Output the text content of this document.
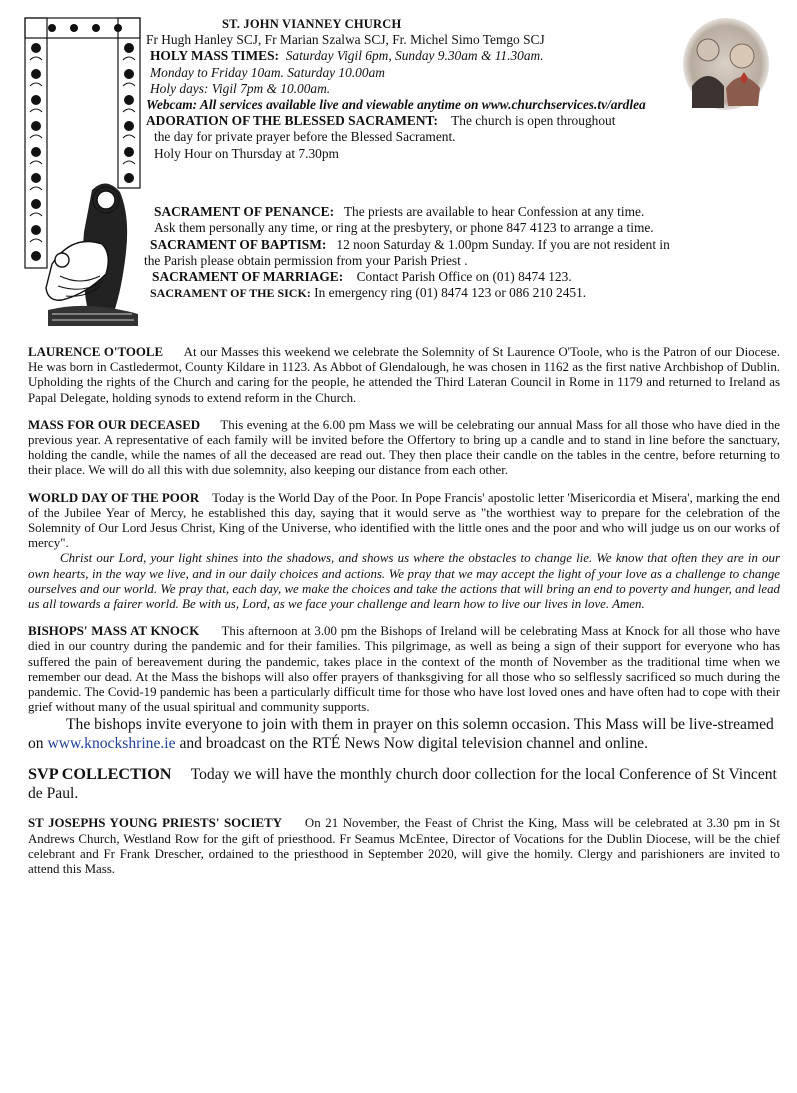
ST. JOHN VIANNEY CHURCH

Fr Hugh Hanley SCJ, Fr Marian Szalwa SCJ, Fr. Michel Simo Temgo SCJ

HOLY MASS TIMES: Saturday Vigil 6pm, Sunday 9.30am & 11.30am.

Monday to Friday 10am. Saturday 10.00am

Holy days: Vigil 7pm & 10.00am.

Webcam: All services available live and viewable anytime on www.churchservices.tv/ardlea

ADORATION OF THE BLESSED SACRAMENT: The church is open throughout

the day for private prayer before the Blessed Sacrament.

Holy Hour on Thursday at 7.30pm

SACRAMENT OF PENANCE: The priests are available to hear Confession at any time.

Ask them personally any time, or ring at the presbytery, or phone 847 4123 to arrange a time.

SACRAMENT OF BAPTISM: 12 noon Saturday & 1.00pm Sunday. If you are not resident in

the Parish please obtain permission from your Parish Priest .

SACRAMENT OF MARRIAGE: Contact Parish Office on (01) 8474 123.

SACRAMENT OF THE SICK: In emergency ring (01) 8474 123 or 086 210 2451.

LAURENCE O'TOOLE At our Masses this weekend we celebrate the Solemnity of St Laurence O'Toole, who is the Patron of our Diocese. He was born in Castledermot, County Kildare in 1123. As Abbot of Glendalough, he was chosen in 1162 as the first native Archbishop of Dublin. Upholding the rights of the Church and caring for the people, he attended the Third Lateran Council in Rome in 1179 and returned to Ireland as Papal Delegate, holding synods to extend reform in the Church.

MASS FOR OUR DECEASED This evening at the 6.00 pm Mass we will be celebrating our annual Mass for all those who have died in the previous year. A representative of each family will be invited before the Offertory to bring up a candle and to stand in line before the sanctuary, holding the candle, while the names of all the deceased are read out. They then place their candle on the tables in the centre, before returning to their place. We will do all this with due solemnity, also keeping our distance from each other.

WORLD DAY OF THE POOR Today is the World Day of the Poor. In Pope Francis' apostolic letter 'Misericordia et Misera', marking the end of the Jubilee Year of Mercy, he established this day, saying that it would serve as "the worthiest way to prepare for the celebration of the Solemnity of Our Lord Jesus Christ, King of the Universe, who identified with the little ones and the poor and who will judge us on our works of mercy".

Christ our Lord, your light shines into the shadows, and shows us where the obstacles to change lie. We know that often they are in our own hearts, in the way we live, and in our daily choices and actions. We pray that we may accept the light of your love as a challenge to change ourselves and our world. We pray that, each day, we make the choices and take the actions that will bring an end to poverty and hunger, and lead us all towards a fairer world. Be with us, Lord, as we face your challenge and learn how to live our lives in love. Amen.

BISHOPS' MASS AT KNOCK This afternoon at 3.00 pm the Bishops of Ireland will be celebrating Mass at Knock for all those who have died in our country during the pandemic and for their families. This pilgrimage, as well as being a sign of their support for everyone who has suffered the pain of bereavement during the pandemic, takes place in the context of the month of November as the traditional time when we remember our dead. At the Mass the bishops will also offer prayers of thanksgiving for all those who so selflessly sacrificed so much during the pandemic. The Covid-19 pandemic has been a particularly difficult time for those who have lost loved ones and have often had to cope with their grief without many of the usual spiritual and community supports.

The bishops invite everyone to join with them in prayer on this solemn occasion. This Mass will be live-streamed on www.knockshrine.ie and broadcast on the RTÉ News Now digital television channel and online.

SVP COLLECTION Today we will have the monthly church door collection for the local Conference of St Vincent de Paul.

ST JOSEPHS YOUNG PRIESTS' SOCIETY On 21 November, the Feast of Christ the King, Mass will be celebrated at 3.30 pm in St Andrews Church, Westland Row for the gift of priesthood. Fr Seamus McEntee, Director of Vocations for the Dublin Diocese, will be the chief celebrant and Fr Frank Drescher, ordained to the priesthood in September 2020, will give the homily. Clergy and parishioners are invited to attend this Mass.
